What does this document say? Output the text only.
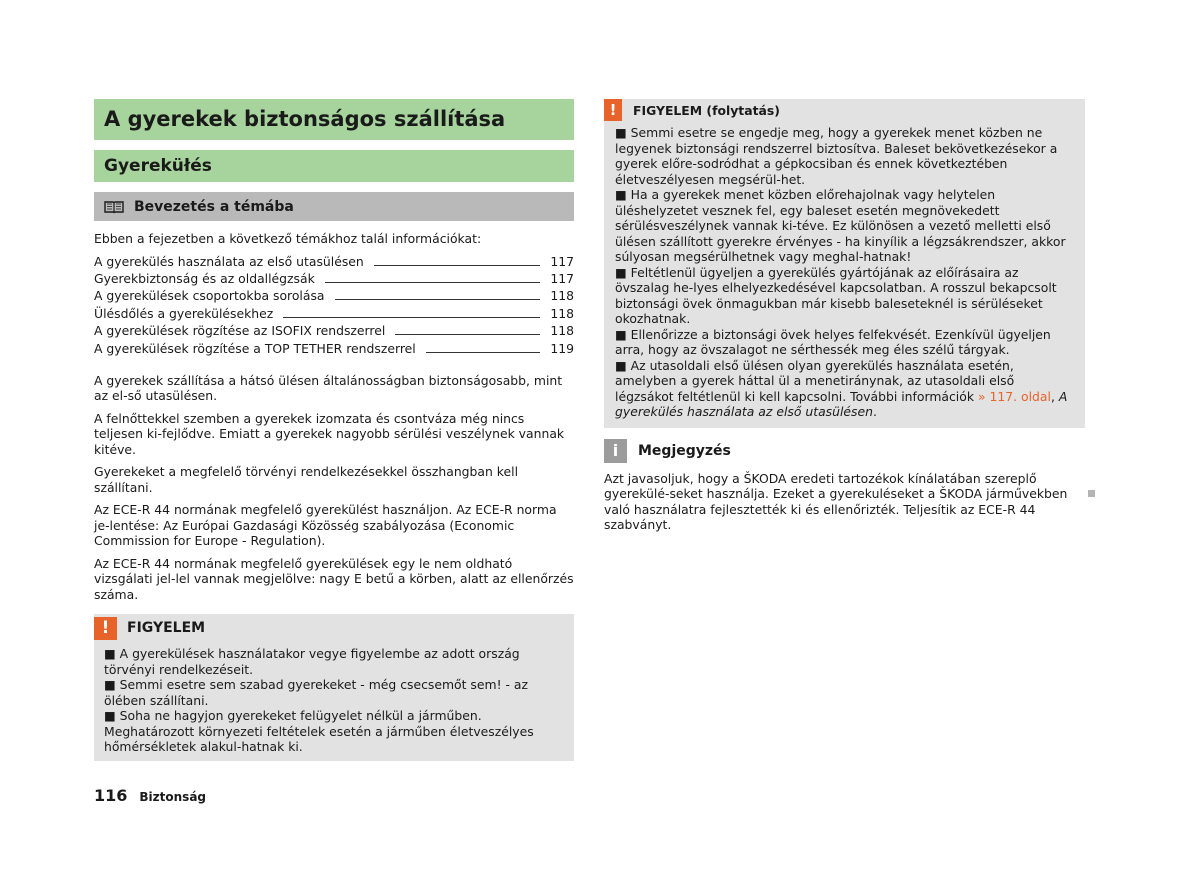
A gyerekek biztonságos szállítása
Gyereküłés
Bevezetés a témába

Ebben a fejezetben a következő témákhoz talál információkat:

A gyerekülés használata az első utasülésen	117
Gyerekbiztonság és az oldallégzsák	117
A gyerekülések csoportokba sorolása	118
Ülésdőlés a gyerekülésekhez	118
A gyerekülések rögzítése az ISOFIX rendszerrel	118
A gyerekülések rögzítése a TOP TETHER rendszerrel	119

A gyerekek szállítása a hátsó ülésen általánosságban biztonságosabb, mint az el-ső utasülésen.

A felnőttekkel szemben a gyerekek izomzata és csontváza még nincs teljesen ki-fejlődve. Emiatt a gyerekek nagyobb sérülési veszélynek vannak kitéve.

Gyerekeket a megfelelő törvényi rendelkezésekkel összhangban kell szállítani.

Az ECE-R 44 normának megfelelő gyerekülést használjon. Az ECE-R norma je-lentése: Az Európai Gazdasági Közösség szabályozása (Economic Commission for Europe - Regulation).

Az ECE-R 44 normának megfelelő gyerekülések egy le nem oldható vizsgálati jel-lel vannak megjelölve: nagy E betű a körben, alatt az ellenőrzés száma.

!	FIGYELEM
■ A gyerekülések használatakor vegye figyelembe az adott ország törvényi rendelkezéseit.
■ Semmi esetre sem szabad gyerekeket - még csecsemőt sem! - az ölében szállítani.
■ Soha ne hagyjon gyerekeket felügyelet nélkül a járműben. Meghatározott környezeti feltételek esetén a járműben életveszélyes hőmérsékletek alakul-hatnak ki.
!	FIGYELEM (folytatás)
■ Semmi esetre se engedje meg, hogy a gyerekek menet közben ne legyenek biztonsági rendszerrel biztosítva. Baleset bekövetkezésekor a gyerek előre-sodródhat a gépkocsiban és ennek következtében életveszélyesen megsérül-het.
■ Ha a gyerekek menet közben előrehajolnak vagy helytelen üléshelyzetet vesznek fel, egy baleset esetén megnövekedett sérülésveszélynek vannak ki-téve. Ez különösen a vezető melletti első ülésen szállított gyerekre érvényes - ha kinyílik a légzsákrendszer, akkor súlyosan megsérülhetnek vagy meghal-hatnak!
■ Feltétlenül ügyeljen a gyerekülés gyártójának az előírásaira az övszalag he-lyes elhelyezkedésével kapcsolatban. A rosszul bekapcsolt biztonsági övek önmagukban már kisebb baleseteknél is sérüléseket okozhatnak.
■ Ellenőrizze a biztonsági övek helyes felfekvését. Ezenkívül ügyeljen arra, hogy az övszalagot ne sérthessék meg éles szélű tárgyak.
■ Az utasoldali első ülésen olyan gyerekülés használata esetén, amelyben a gyerek háttal ül a menetiránynak, az utasoldali első légzsákot feltétlenül ki kell kapcsolni. További információk » 117. oldal, A gyerekülés használata az első utasülésen.
i	Megjegyzés

Azt javasoljuk, hogy a ŠKODA eredeti tartozékok kínálatában szereplő gyerekülé-seket használja. Ezeket a gyerekuléseket a ŠKODA járművekben való használatra fejlesztették ki és ellenőrizték. Teljesítik az ECE-R 44 szabványt.

116 Biztonság
